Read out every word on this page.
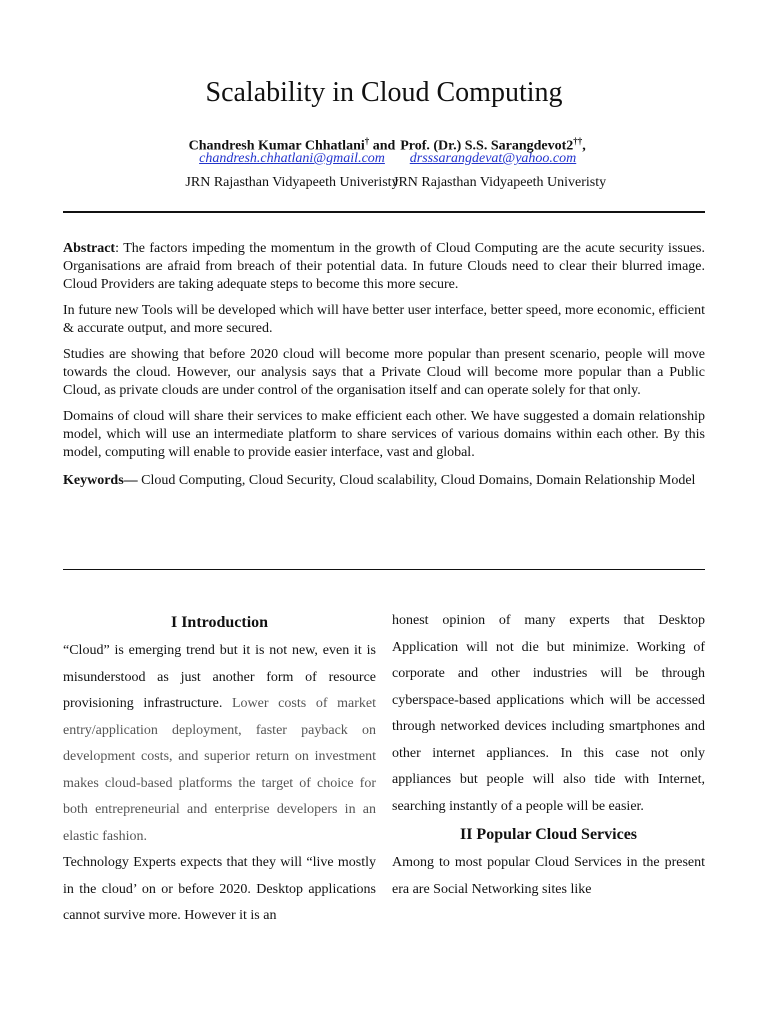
Scalability in Cloud Computing
Chandresh Kumar Chhatlani† and
chandresh.chhatlani@gmail.com
JRN Rajasthan Vidyapeeth Univeristy
Prof. (Dr.) S.S. Sarangdevot2††,
drsssarangdevat@yahoo.com
JRN Rajasthan Vidyapeeth Univeristy

Abstract: The factors impeding the momentum in the growth of Cloud Computing are the acute security issues. Organisations are afraid from breach of their potential data. In future Clouds need to clear their blurred image. Cloud Providers are taking adequate steps to become this more secure.

In future new Tools will be developed which will have better user interface, better speed, more economic, efficient & accurate output, and more secured.

Studies are showing that before 2020 cloud will become more popular than present scenario, people will move towards the cloud. However, our analysis says that a Private Cloud will become more popular than a Public Cloud, as private clouds are under control of the organisation itself and can operate solely for that only.

Domains of cloud will share their services to make efficient each other. We have suggested a domain relationship model, which will use an intermediate platform to share services of various domains within each other. By this model, computing will enable to provide easier interface, vast and global.

Keywords— Cloud Computing, Cloud Security, Cloud scalability, Cloud Domains, Domain Relationship Model

I Introduction

“Cloud” is emerging trend but it is not new, even it is misunderstood as just another form of resource provisioning infrastructure. Lower costs of market entry/application deployment, faster payback on development costs, and superior return on investment makes cloud-based platforms the target of choice for both entrepreneurial and enterprise developers in an elastic fashion.

Technology Experts expects that they will “live mostly in the cloud’ on or before 2020. Desktop applications cannot survive more. However it is an

honest opinion of many experts that Desktop Application will not die but minimize. Working of corporate and other industries will be through cyberspace-based applications which will be accessed through networked devices including smartphones and other internet appliances. In this case not only appliances but people will also tide with Internet, searching instantly of a people will be easier.

II Popular Cloud Services

Among to most popular Cloud Services in the present era are Social Networking sites like
